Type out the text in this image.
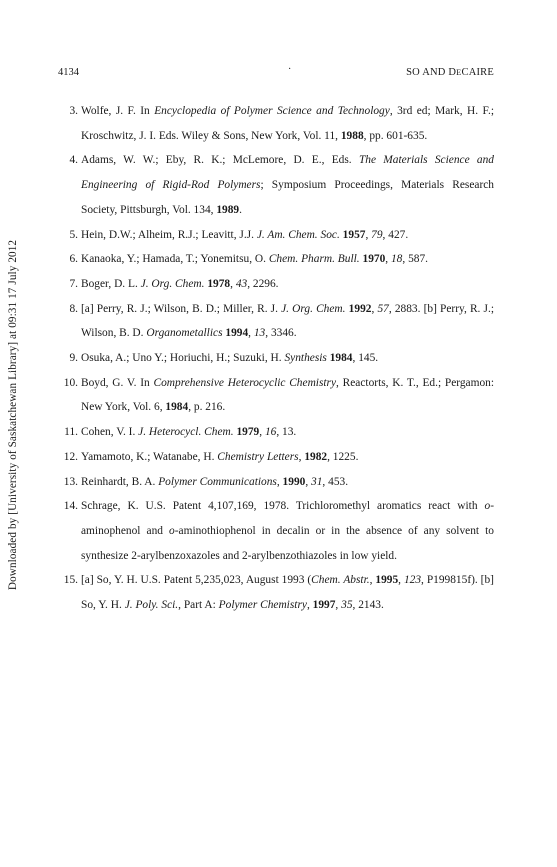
Downloaded by [University of Saskatchewan Library] at 09:31 17 July 2012
4134	·	SO AND DECAIRE

3. Wolfe, J. F. In Encyclopedia of Polymer Science and Technology, 3rd ed; Mark, H. F.; Kroschwitz, J. I. Eds. Wiley & Sons, New York, Vol. 11, 1988, pp. 601-635.

4. Adams, W. W.; Eby, R. K.; McLemore, D. E., Eds. The Materials Science and Engineering of Rigid-Rod Polymers; Symposium Proceedings, Materials Research Society, Pittsburgh, Vol. 134, 1989.

5. Hein, D.W.; Alheim, R.J.; Leavitt, J.J. J. Am. Chem. Soc. 1957, 79, 427.

6. Kanaoka, Y.; Hamada, T.; Yonemitsu, O. Chem. Pharm. Bull. 1970, 18, 587.

7. Boger, D. L. J. Org. Chem. 1978, 43, 2296.

8. [a] Perry, R. J.; Wilson, B. D.; Miller, R. J. J. Org. Chem. 1992, 57, 2883. [b] Perry, R. J.; Wilson, B. D. Organometallics 1994, 13, 3346.

9. Osuka, A.; Uno Y.; Horiuchi, H.; Suzuki, H. Synthesis 1984, 145.

10. Boyd, G. V. In Comprehensive Heterocyclic Chemistry, Reactorts, K. T., Ed.; Pergamon: New York, Vol. 6, 1984, p. 216.

11. Cohen, V. I. J. Heterocycl. Chem. 1979, 16, 13.

12. Yamamoto, K.; Watanabe, H. Chemistry Letters, 1982, 1225.

13. Reinhardt, B. A. Polymer Communications, 1990, 31, 453.

14. Schrage, K. U.S. Patent 4,107,169, 1978. Trichloromethyl aromatics react with o-aminophenol and o-aminothiophenol in decalin or in the absence of any solvent to synthesize 2-arylbenzoxazoles and 2-arylbenzothiazoles in low yield.

15. [a] So, Y. H. U.S. Patent 5,235,023, August 1993 (Chem. Abstr., 1995, 123, P199815f). [b] So, Y. H. J. Poly. Sci., Part A: Polymer Chemistry, 1997, 35, 2143.
